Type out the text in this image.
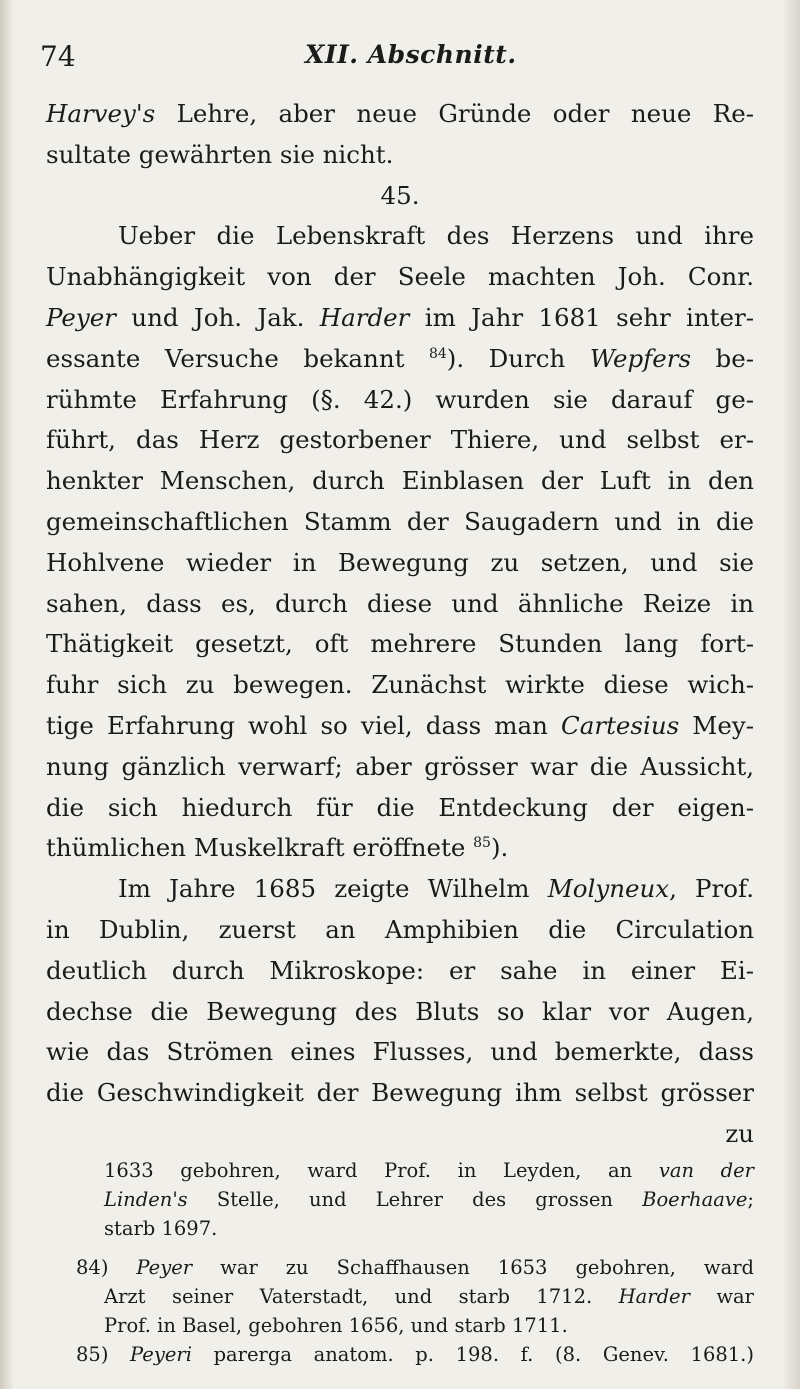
74	XII. Abschnitt.
Harvey's Lehre, aber neue Gründe oder neue Re-
sultate gewährten sie nicht.
45.
Ueber die Lebenskraft des Herzens und ihre
Unabhängigkeit von der Seele machten Joh. Conr.
Peyer und Joh. Jak. Harder im Jahr 1681 sehr inter-
essante Versuche bekannt $^{84}$). Durch Wepfers be-
rühmte Erfahrung (§. 42.) wurden sie darauf ge-
führt, das Herz gestorbener Thiere, und selbst er-
henkter Menschen, durch Einblasen der Luft in den
gemeinschaftlichen Stamm der Saugadern und in die
Hohlvene wieder in Bewegung zu setzen, und sie
sahen, dass es, durch diese und ähnliche Reize in
Thätigkeit gesetzt, oft mehrere Stunden lang fort-
fuhr sich zu bewegen. Zunächst wirkte diese wich-
tige Erfahrung wohl so viel, dass man Cartesius Mey-
nung gänzlich verwarf; aber grösser war die Aussicht,
die sich hiedurch für die Entdeckung der eigen-
thümlichen Muskelkraft eröffnete $^{85}$).
Im Jahre 1685 zeigte Wilhelm Molyneux, Prof.
in Dublin, zuerst an Amphibien die Circulation
deutlich durch Mikroskope: er sahe in einer Ei-
dechse die Bewegung des Bluts so klar vor Augen,
wie das Strömen eines Flusses, und bemerkte, dass
die Geschwindigkeit der Bewegung ihm selbst grösser
zu
1633 gebohren, ward Prof. in Leyden, an van der
Linden's Stelle, und Lehrer des grossen Boerhaave;
starb 1697.
84) Peyer war zu Schaffhausen 1653 gebohren, ward
Arzt seiner Vaterstadt, und starb 1712. Harder war
Prof. in Basel, gebohren 1656, und starb 1711.
85) Peyeri parerga anatom. p. 198. f. (8. Genev. 1681.)
